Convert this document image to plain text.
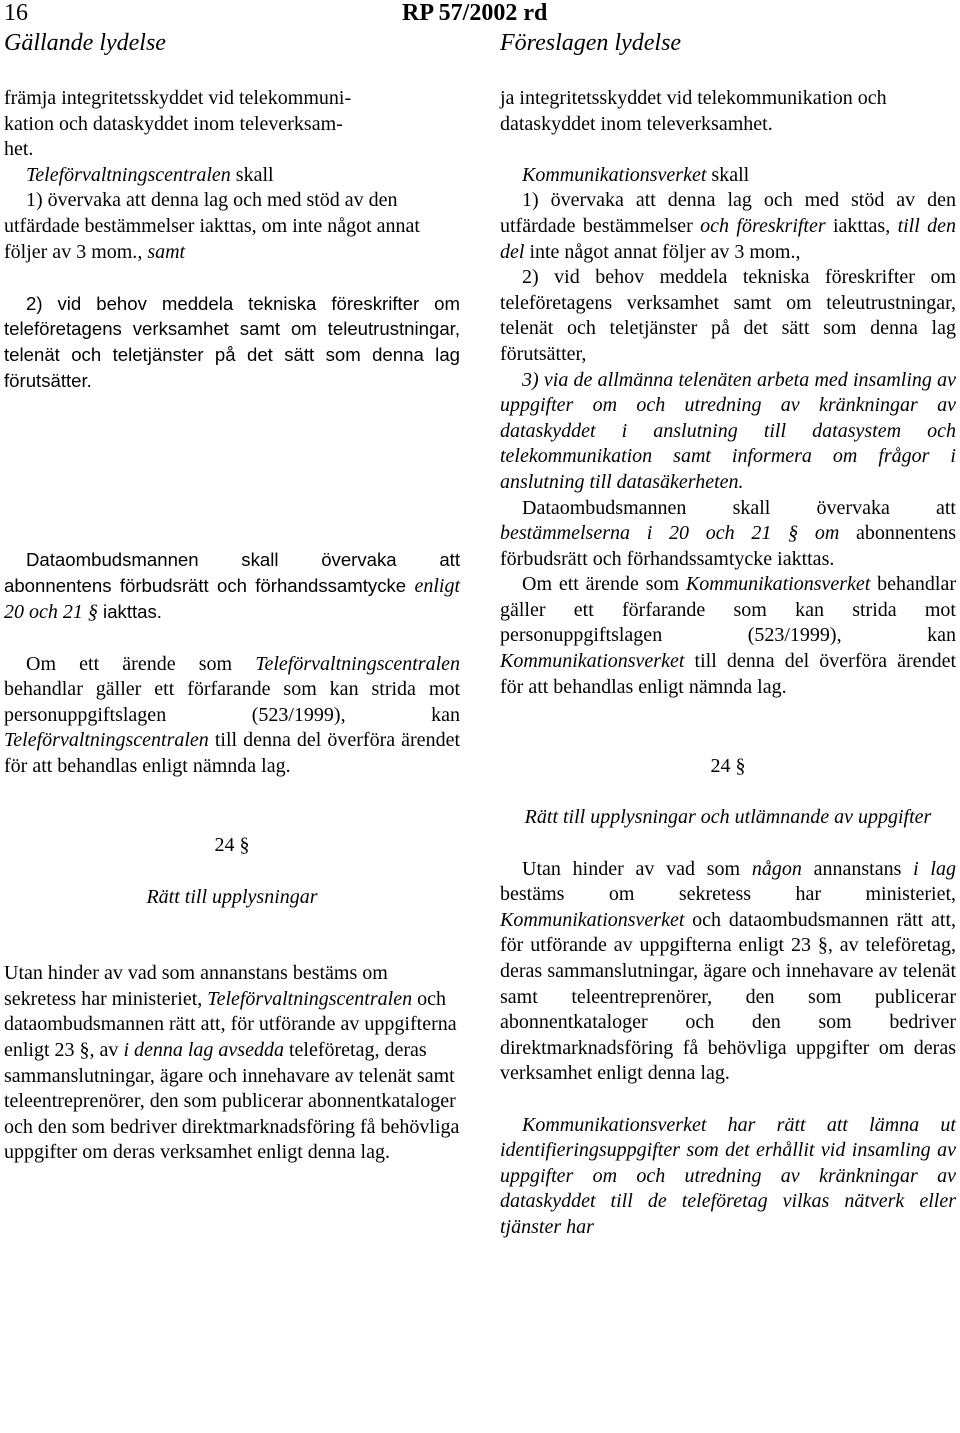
16	RP 57/2002 rd
Gällande lydelse	Föreslagen lydelse

främja integritetsskyddet vid telekommuni-
kation och dataskyddet inom televerksam-
het.

Teleförvaltningscentralen skall

1) övervaka att denna lag och med stöd av den utfärdade bestämmelser iakttas, om inte något annat följer av 3 mom., samt

2) vid behov meddela tekniska föreskrifter om teleföretagens verksamhet samt om teleutrustningar, telenät och teletjänster på det sätt som denna lag förutsätter.

Dataombudsmannen skall övervaka att abonnentens förbudsrätt och förhandssamtycke enligt 20 och 21 § iakttas.

Om ett ärende som Teleförvaltningscentralen behandlar gäller ett förfarande som kan strida mot personuppgiftslagen (523/1999), kan Teleförvaltningscentralen till denna del överföra ärendet för att behandlas enligt nämnda lag.

24 §

Rätt till upplysningar

Utan hinder av vad som annanstans bestäms om sekretess har ministeriet, Teleförvaltningscentralen och dataombudsmannen rätt att, för utförande av uppgifterna enligt 23 §, av i denna lag avsedda teleföretag, deras sammanslutningar, ägare och innehavare av telenät samt teleentreprenörer, den som publicerar abonnentkataloger och den som bedriver direktmarknadsföring få behövliga uppgifter om deras verksamhet enligt denna lag.

ja integritetsskyddet vid telekommunikation och dataskyddet inom televerksamhet.

Kommunikationsverket skall

1) övervaka att denna lag och med stöd av den utfärdade bestämmelser och föreskrifter iakttas, till den del inte något annat följer av 3 mom.,

2) vid behov meddela tekniska föreskrifter om teleföretagens verksamhet samt om teleutrustningar, telenät och teletjänster på det sätt som denna lag förutsätter,

3) via de allmänna telenäten arbeta med insamling av uppgifter om och utredning av kränkningar av dataskyddet i anslutning till datasystem och telekommunikation samt informera om frågor i anslutning till datasäkerheten.

Dataombudsmannen skall övervaka att bestämmelserna i 20 och 21 § om abonnentens förbudsrätt och förhandssamtycke iakttas.

Om ett ärende som Kommunikationsverket behandlar gäller ett förfarande som kan strida mot personuppgiftslagen (523/1999), kan Kommunikationsverket till denna del överföra ärendet för att behandlas enligt nämnda lag.

24 §

Rätt till upplysningar och utlämnande av uppgifter

Utan hinder av vad som någon annanstans i lag bestäms om sekretess har ministeriet, Kommunikationsverket och dataombudsmannen rätt att, för utförande av uppgifterna enligt 23 §, av teleföretag, deras sammanslutningar, ägare och innehavare av telenät samt teleentreprenörer, den som publicerar abonnentkataloger och den som bedriver direktmarknadsföring få behövliga uppgifter om deras verksamhet enligt denna lag.

Kommunikationsverket har rätt att lämna ut identifieringsuppgifter som det erhållit vid insamling av uppgifter om och utredning av kränkningar av dataskyddet till de teleföretag vilkas nätverk eller tjänster har
